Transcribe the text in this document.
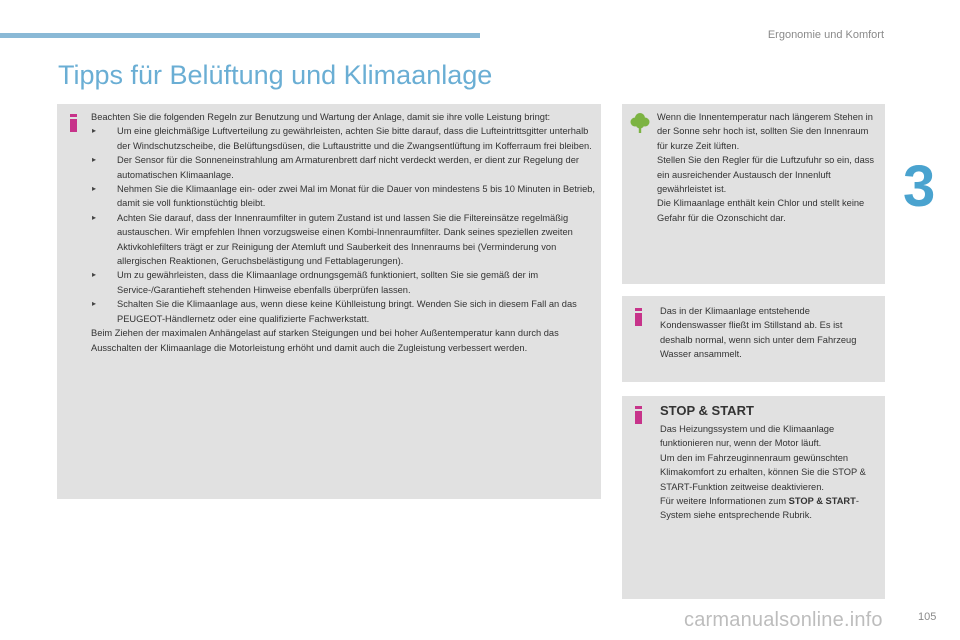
Ergonomie und Komfort
3
Tipps für Belüftung und Klimaanlage

Beachten Sie die folgenden Regeln zur Benutzung und Wartung der Anlage, damit sie ihre volle Leistung bringt:

▸ Um eine gleichmäßige Luftverteilung zu gewährleisten, achten Sie bitte darauf, dass die Lufteintrittsgitter unterhalb der Windschutzscheibe, die Belüftungsdüsen, die Luftaustritte und die Zwangsentlüftung im Kofferraum frei bleiben.
▸ Der Sensor für die Sonneneinstrahlung am Armaturenbrett darf nicht verdeckt werden, er dient zur Regelung der automatischen Klimaanlage.
▸ Nehmen Sie die Klimaanlage ein- oder zwei Mal im Monat für die Dauer von mindestens 5 bis 10 Minuten in Betrieb, damit sie voll funktionstüchtig bleibt.
▸ Achten Sie darauf, dass der Innenraumfilter in gutem Zustand ist und lassen Sie die Filtereinsätze regelmäßig austauschen. Wir empfehlen Ihnen vorzugsweise einen Kombi-Innenraumfilter. Dank seines speziellen zweiten Aktivkohlefilters trägt er zur Reinigung der Atemluft und Sauberkeit des Innenraums bei (Verminderung von allergischen Reaktionen, Geruchsbelästigung und Fettablagerungen).
▸ Um zu gewährleisten, dass die Klimaanlage ordnungsgemäß funktioniert, sollten Sie sie gemäß der im Service-/Garantieheft stehenden Hinweise ebenfalls überprüfen lassen.
▸ Schalten Sie die Klimaanlage aus, wenn diese keine Kühlleistung bringt. Wenden Sie sich in diesem Fall an das PEUGEOT-Händlernetz oder eine qualifizierte Fachwerkstatt.

Beim Ziehen der maximalen Anhängelast auf starken Steigungen und bei hoher Außentemperatur kann durch das Ausschalten der Klimaanlage die Motorleistung erhöht und damit auch die Zugleistung verbessert werden.

Wenn die Innentemperatur nach längerem Stehen in der Sonne sehr hoch ist, sollten Sie den Innenraum für kurze Zeit lüften.

Stellen Sie den Regler für die Luftzufuhr so ein, dass ein ausreichender Austausch der Innenluft gewährleistet ist.

Die Klimaanlage enthält kein Chlor und stellt keine Gefahr für die Ozonschicht dar.

Das in der Klimaanlage entstehende Kondenswasser fließt im Stillstand ab. Es ist deshalb normal, wenn sich unter dem Fahrzeug Wasser ansammelt.
STOP & START

Das Heizungssystem und die Klimaanlage funktionieren nur, wenn der Motor läuft.

Um den im Fahrzeuginnenraum gewünschten Klimakomfort zu erhalten, können Sie die STOP & START-Funktion zeitweise deaktivieren.

Für weitere Informationen zum STOP & START-System siehe entsprechende Rubrik.

carmanualsonline.info	105
